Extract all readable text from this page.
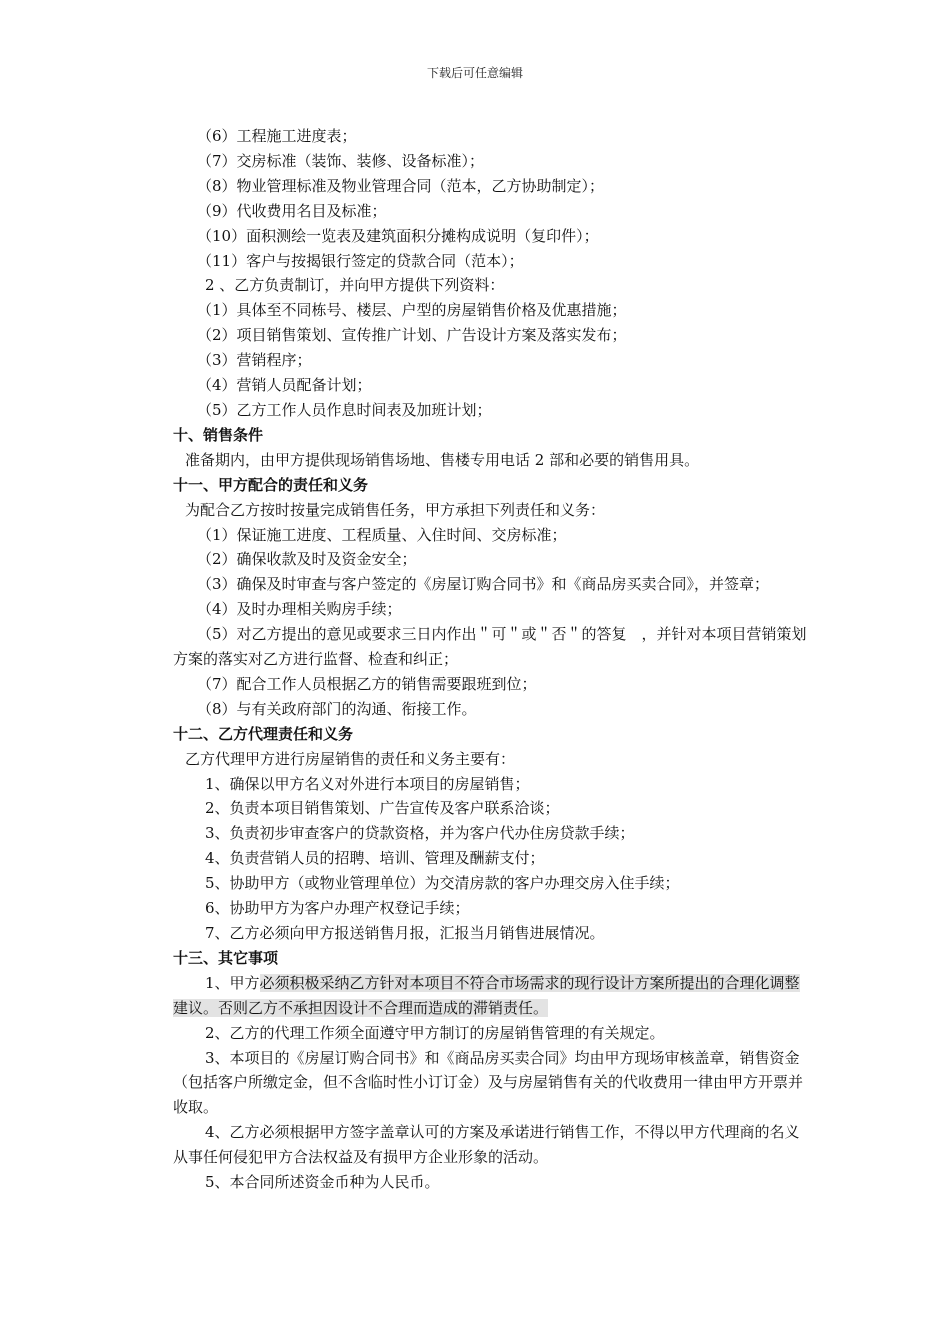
下载后可任意编辑

（6）工程施工进度表；

（7）交房标准（装饰、装修、设备标准）；

（8）物业管理标准及物业管理合同（范本，乙方协助制定）；

（9）代收费用名目及标准；

（10）面积测绘一览表及建筑面积分摊构成说明（复印件）；

（11）客户与按揭银行签定的贷款合同（范本）；

2 、乙方负责制订，并向甲方提供下列资料：

（1）具体至不同栋号、楼层、户型的房屋销售价格及优惠措施；

（2）项目销售策划、宣传推广计划、广告设计方案及落实发布；

（3）营销程序；

（4）营销人员配备计划；

（5）乙方工作人员作息时间表及加班计划；

十、销售条件

准备期内，由甲方提供现场销售场地、售楼专用电话 2 部和必要的销售用具。

十一、甲方配合的责任和义务

为配合乙方按时按量完成销售任务，甲方承担下列责任和义务：

（1）保证施工进度、工程质量、入住时间、交房标准；

（2）确保收款及时及资金安全；

（3）确保及时审查与客户签定的《房屋订购合同书》和《商品房买卖合同》，并签章；

（4）及时办理相关购房手续；

（5）对乙方提出的意见或要求三日内作出＂可＂或＂否＂的答复　，并针对本项目营销策划方案的落实对乙方进行监督、检查和纠正；

（7）配合工作人员根据乙方的销售需要跟班到位；

（8）与有关政府部门的沟通、衔接工作。

十二、乙方代理责任和义务

乙方代理甲方进行房屋销售的责任和义务主要有：

1、确保以甲方名义对外进行本项目的房屋销售；

2、负责本项目销售策划、广告宣传及客户联系洽谈；

3、负责初步审查客户的贷款资格，并为客户代办住房贷款手续；

4、负责营销人员的招聘、培训、管理及酬薪支付；

5、协助甲方（或物业管理单位）为交清房款的客户办理交房入住手续；

6、协助甲方为客户办理产权登记手续；

7、乙方必须向甲方报送销售月报，汇报当月销售进展情况。

十三、其它事项

1、甲方必须积极采纳乙方针对本项目不符合市场需求的现行设计方案所提出的合理化调整建议。否则乙方不承担因设计不合理而造成的滞销责任。

2、乙方的代理工作须全面遵守甲方制订的房屋销售管理的有关规定。

3、本项目的《房屋订购合同书》和《商品房买卖合同》均由甲方现场审核盖章，销售资金（包括客户所缴定金，但不含临时性小订订金）及与房屋销售有关的代收费用一律由甲方开票并收取。

4、乙方必须根据甲方签字盖章认可的方案及承诺进行销售工作，不得以甲方代理商的名义从事任何侵犯甲方合法权益及有损甲方企业形象的活动。

5、本合同所述资金币种为人民币。
